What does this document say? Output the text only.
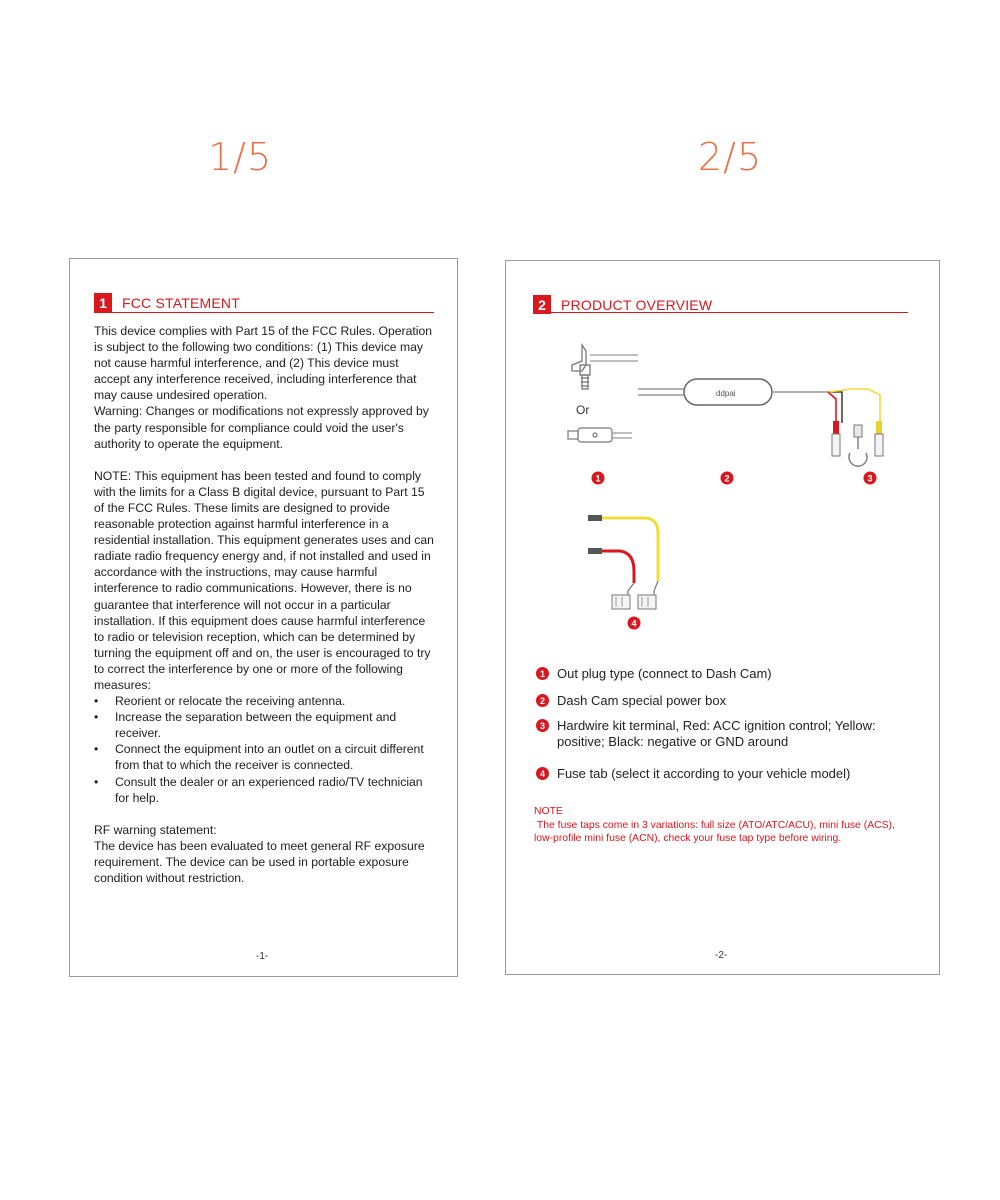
1/5	2/5
1	FCC STATEMENT

This device complies with Part 15 of the FCC Rules. Operation is subject to the following two conditions: (1) This device may not cause harmful interference, and (2) This device must accept any interference received, including interference that may cause undesired operation.

Warning: Changes or modifications not expressly approved by the party responsible for compliance could void the user's authority to operate the equipment.

NOTE: This equipment has been tested and found to comply with the limits for a Class B digital device, pursuant to Part 15 of the FCC Rules. These limits are designed to provide reasonable protection against harmful interference in a residential installation. This equipment generates uses and can radiate radio frequency energy and, if not installed and used in accordance with the instructions, may cause harmful interference to radio communications. However, there is no guarantee that interference will not occur in a particular installation. If this equipment does cause harmful interference to radio or television reception, which can be determined by turning the equipment off and on, the user is encouraged to try to correct the interference by one or more of the following measures:

• Reorient or relocate the receiving antenna.
• Increase the separation between the equipment and receiver.
• Connect the equipment into an outlet on a circuit different from that to which the receiver is connected.
• Consult the dealer or an experienced radio/TV technician for help.

RF warning statement:

The device has been evaluated to meet general RF exposure requirement. The device can be used in portable exposure condition without restriction.

-1-
2	PRODUCT OVERVIEW
Or
ddpai
1	2	3
4
1 Out plug type (connect to Dash Cam)
2 Dash Cam special power box
3 Hardwire kit terminal, Red: ACC ignition control; Yellow: positive; Black: negative or GND around
4 Fuse tab (select it according to your vehicle model)
NOTE
The fuse taps come in 3 variations: full size (ATO/ATC/ACU), mini fuse (ACS), low-profile mini fuse (ACN), check your fuse tap type before wiring.
-2-
